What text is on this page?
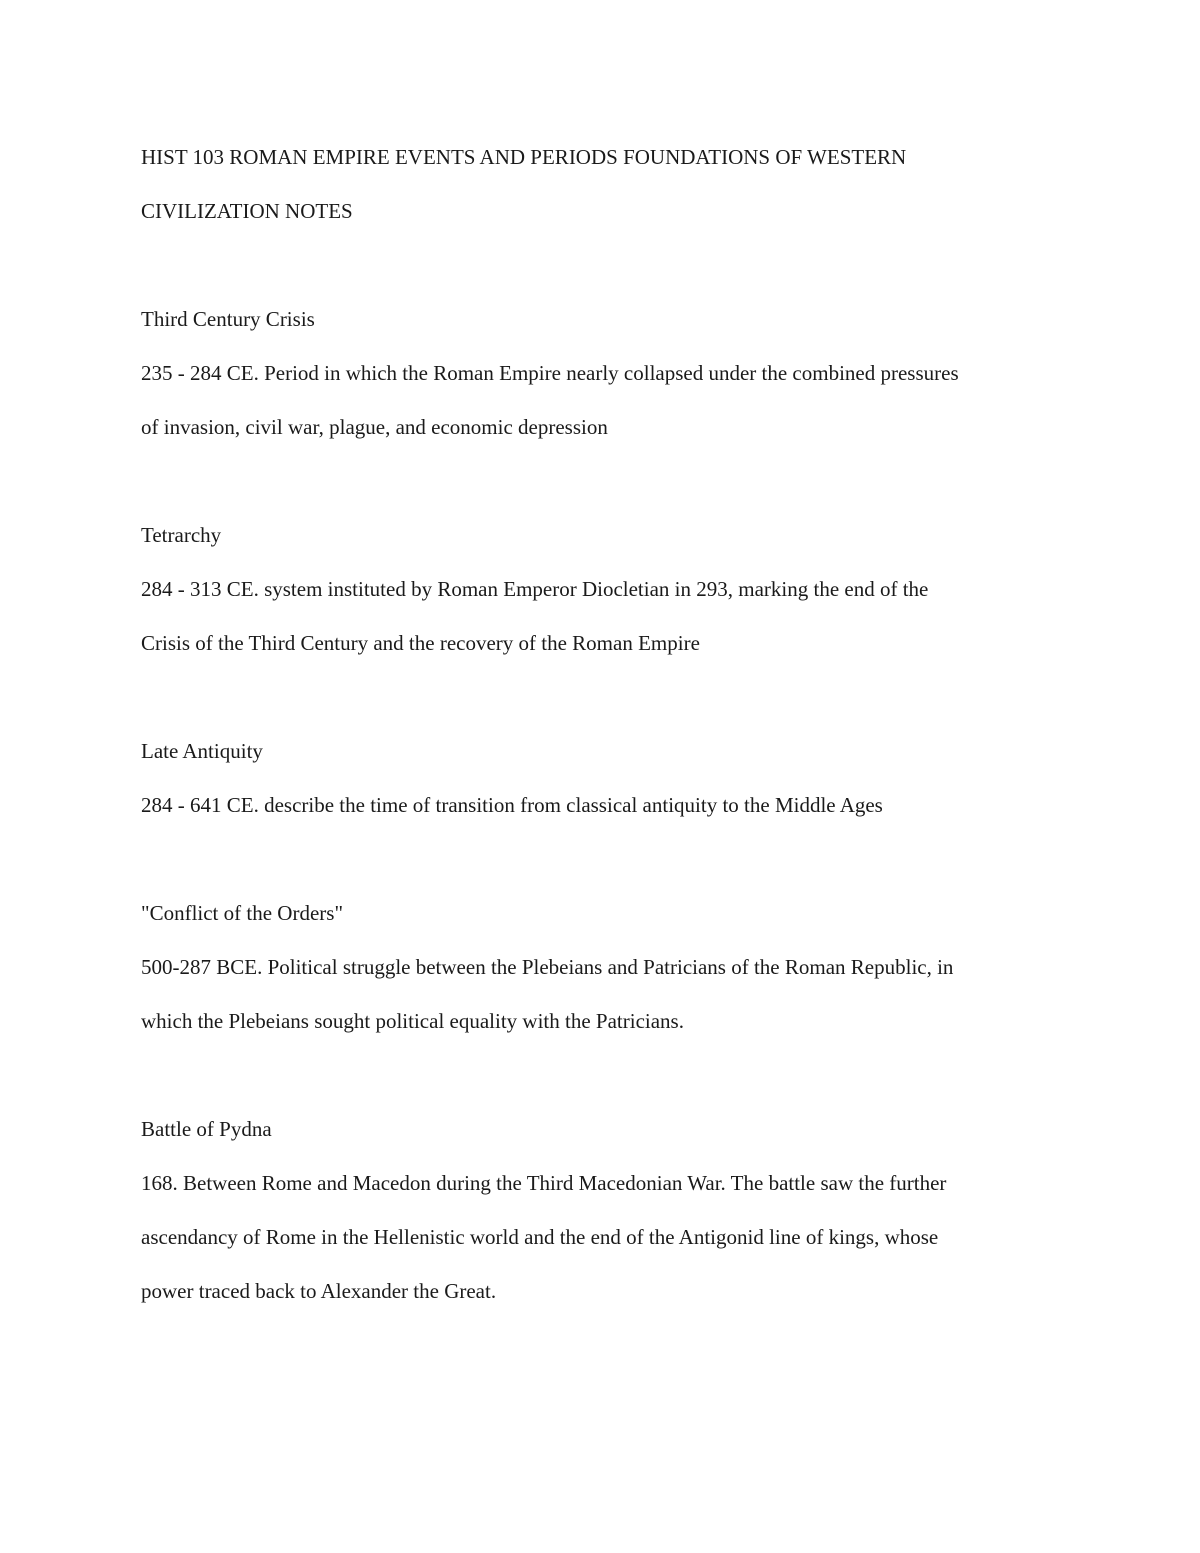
HIST 103 ROMAN EMPIRE EVENTS AND PERIODS FOUNDATIONS OF WESTERN

CIVILIZATION NOTES

Third Century Crisis

235 - 284 CE. Period in which the Roman Empire nearly collapsed under the combined pressures

of invasion, civil war, plague, and economic depression

Tetrarchy

284 - 313 CE. system instituted by Roman Emperor Diocletian in 293, marking the end of the

Crisis of the Third Century and the recovery of the Roman Empire

Late Antiquity

284 - 641 CE. describe the time of transition from classical antiquity to the Middle Ages

"Conflict of the Orders"

500-287 BCE. Political struggle between the Plebeians and Patricians of the Roman Republic, in

which the Plebeians sought political equality with the Patricians.

Battle of Pydna

168. Between Rome and Macedon during the Third Macedonian War. The battle saw the further

ascendancy of Rome in the Hellenistic world and the end of the Antigonid line of kings, whose

power traced back to Alexander the Great.
